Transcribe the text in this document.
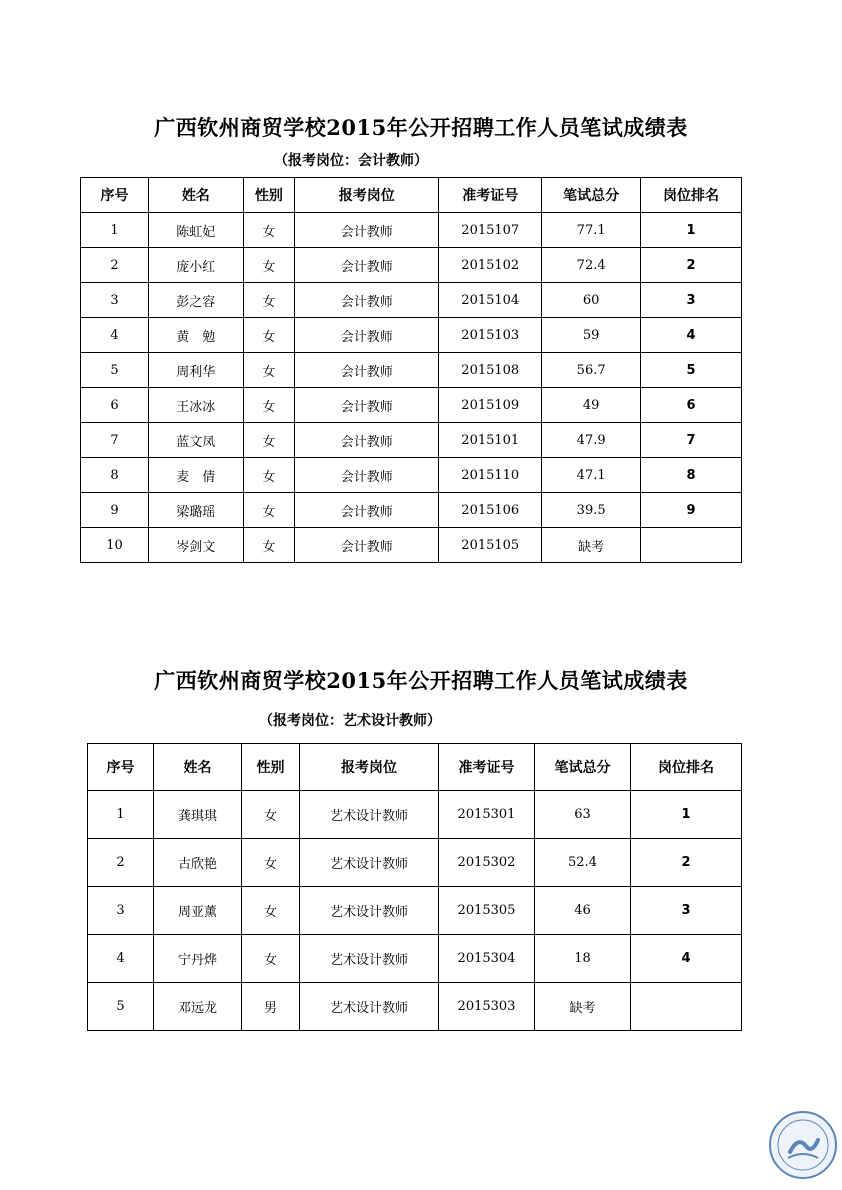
广西钦州商贸学校2015年公开招聘工作人员笔试成绩表
（报考岗位：会计教师）
序号	姓名	性别	报考岗位	准考证号	笔试总分	岗位排名
1	陈虹妃	女	会计教师	2015107	77.1	1
2	庞小红	女	会计教师	2015102	72.4	2
3	彭之容	女	会计教师	2015104	60	3
4	黄　勉	女	会计教师	2015103	59	4
5	周利华	女	会计教师	2015108	56.7	5
6	王冰冰	女	会计教师	2015109	49	6
7	蓝文凤	女	会计教师	2015101	47.9	7
8	麦　倩	女	会计教师	2015110	47.1	8
9	梁璐瑶	女	会计教师	2015106	39.5	9
10	岑剑文	女	会计教师	2015105	缺考	
广西钦州商贸学校2015年公开招聘工作人员笔试成绩表
（报考岗位：艺术设计教师）
序号	姓名	性别	报考岗位	准考证号	笔试总分	岗位排名
1	龚琪琪	女	艺术设计教师	2015301	63	1
2	古欣艳	女	艺术设计教师	2015302	52.4	2
3	周亚薰	女	艺术设计教师	2015305	46	3
4	宁丹烨	女	艺术设计教师	2015304	18	4
5	邓远龙	男	艺术设计教师	2015303	缺考	
